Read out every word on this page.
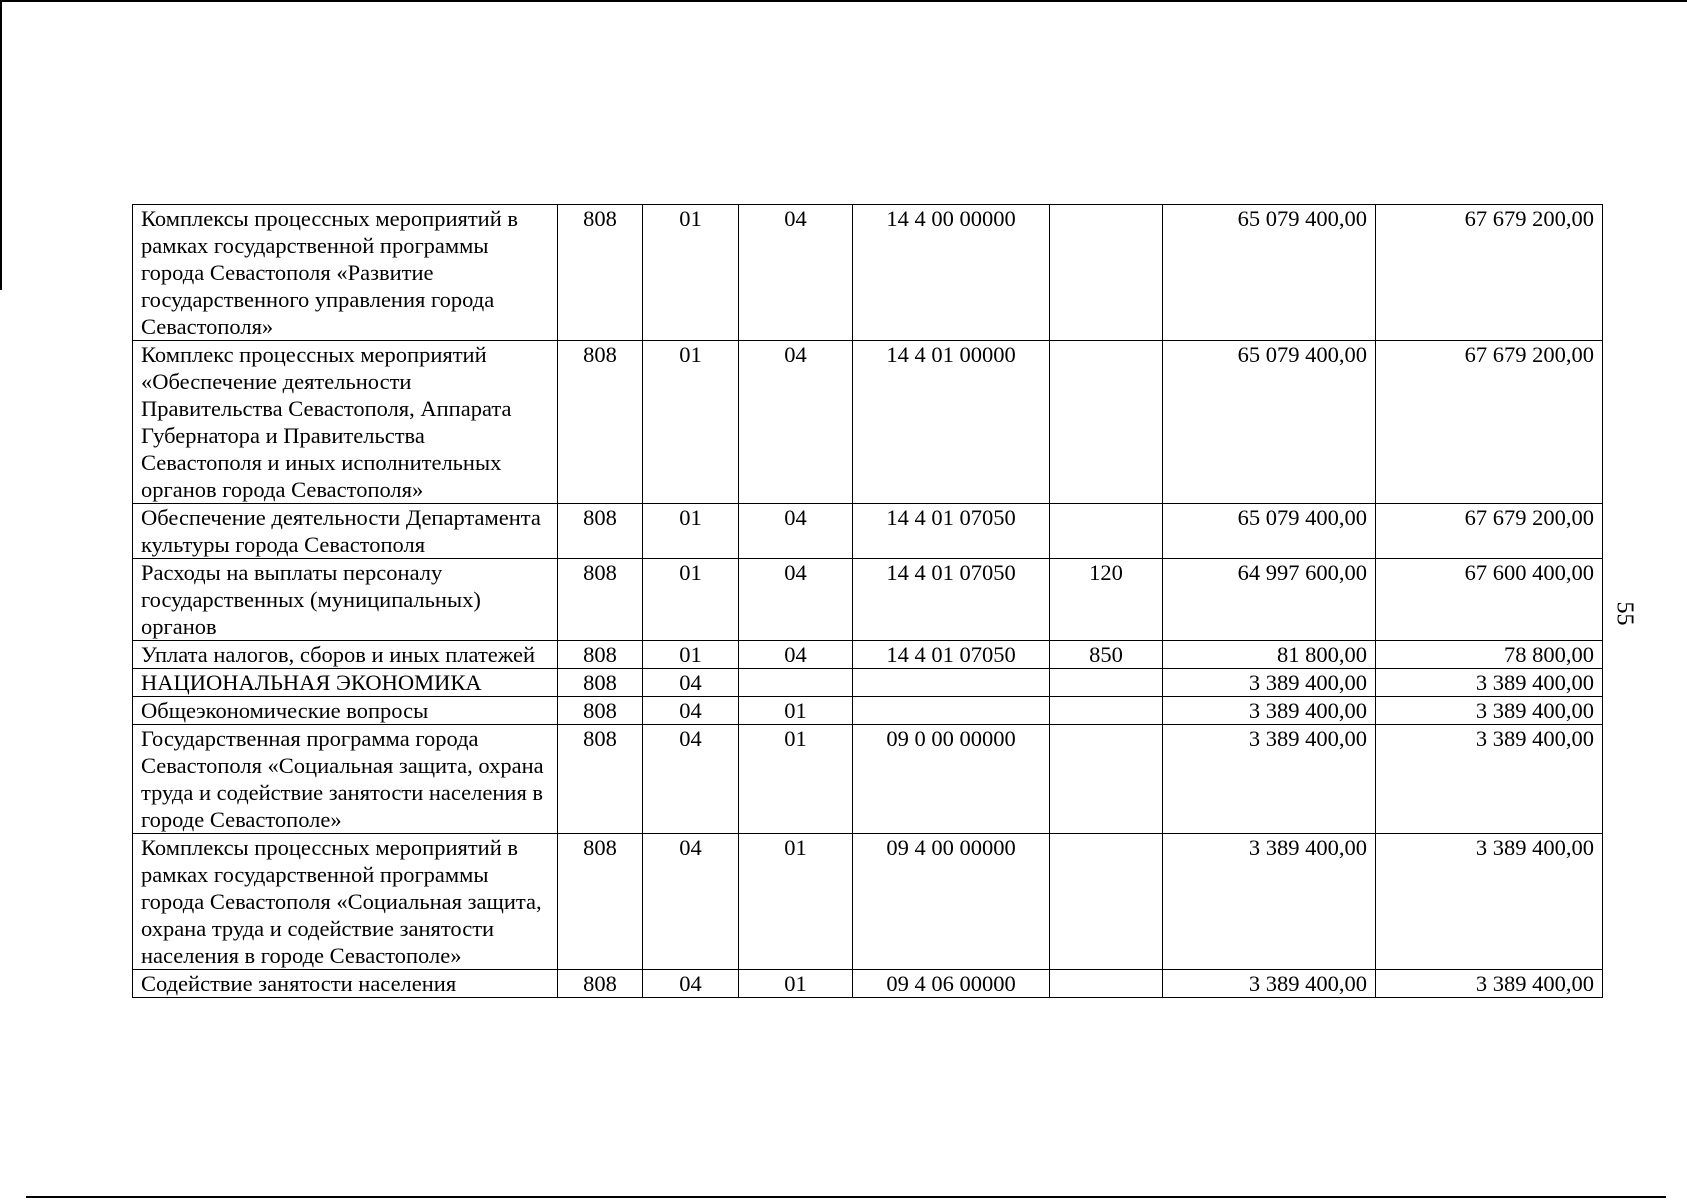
Комплексы процессных мероприятий в рамках государственной программы города Севастополя «Развитие государственного управления города Севастополя»	808	01	04	14 4 00 00000		65 079 400,00	67 679 200,00
Комплекс процессных мероприятий «Обеспечение деятельности Правительства Севастополя, Аппарата Губернатора и Правительства Севастополя и иных исполнительных органов города Севастополя»	808	01	04	14 4 01 00000		65 079 400,00	67 679 200,00
Обеспечение деятельности Департамента культуры города Севастополя	808	01	04	14 4 01 07050		65 079 400,00	67 679 200,00
Расходы на выплаты персоналу государственных (муниципальных) органов	808	01	04	14 4 01 07050	120	64 997 600,00	67 600 400,00
Уплата налогов, сборов и иных платежей	808	01	04	14 4 01 07050	850	81 800,00	78 800,00
НАЦИОНАЛЬНАЯ ЭКОНОМИКА	808	04				3 389 400,00	3 389 400,00
Общеэкономические вопросы	808	04	01			3 389 400,00	3 389 400,00
Государственная программа города Севастополя «Социальная защита, охрана труда и содействие занятости населения в городе Севастополе»	808	04	01	09 0 00 00000		3 389 400,00	3 389 400,00
Комплексы процессных мероприятий в рамках государственной программы города Севастополя «Социальная защита, охрана труда и содействие занятости населения в городе Севастополе»	808	04	01	09 4 00 00000		3 389 400,00	3 389 400,00
Содействие занятости населения	808	04	01	09 4 06 00000		3 389 400,00	3 389 400,00
55
